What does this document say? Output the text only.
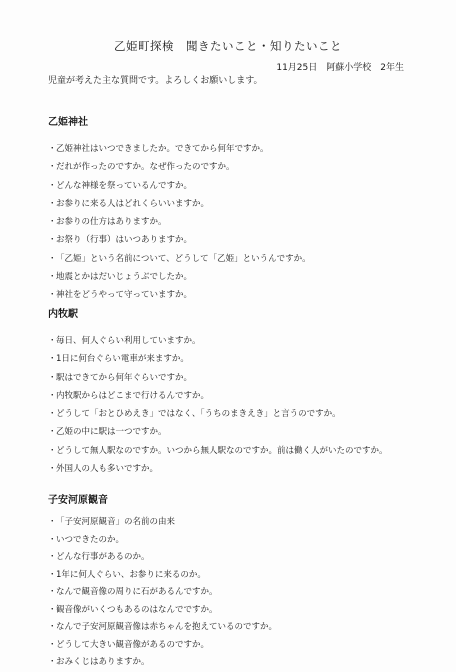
乙姫町探検　聞きたいこと・知りたいこと
11月25日　阿蘇小学校　2年生
児童が考えた主な質問です。よろしくお願いします。
乙姫神社
・乙姫神社はいつできましたか。できてから何年ですか。
・だれが作ったのですか。なぜ作ったのですか。
・どんな神様を祭っているんですか。
・お参りに来る人はどれくらいいますか。
・お参りの仕方はありますか。
・お祭り（行事）はいつありますか。
・「乙姫」という名前について、どうして「乙姫」というんですか。
・地震とかはだいじょうぶでしたか。
・神社をどうやって守っていますか。
内牧駅
・毎日、何人ぐらい利用していますか。
・1日に何台ぐらい電車が来ますか。
・駅はできてから何年ぐらいですか。
・内牧駅からはどこまで行けるんですか。
・どうして「おとひめえき」ではなく、「うちのまきえき」と言うのですか。
・乙姫の中に駅は一つですか。
・どうして無人駅なのですか。いつから無人駅なのですか。前は働く人がいたのですか。
・外国人の人も多いですか。
子安河原観音
・「子安河原観音」の名前の由来
・いつできたのか。
・どんな行事があるのか。
・1年に何人ぐらい、お参りに来るのか。
・なんで観音像の周りに石があるんですか。
・観音像がいくつもあるのはなんでですか。
・なんで子安河原観音像は赤ちゃんを抱えているのですか。
・どうして大きい観音像があるのですか。
・おみくじはありますか。
